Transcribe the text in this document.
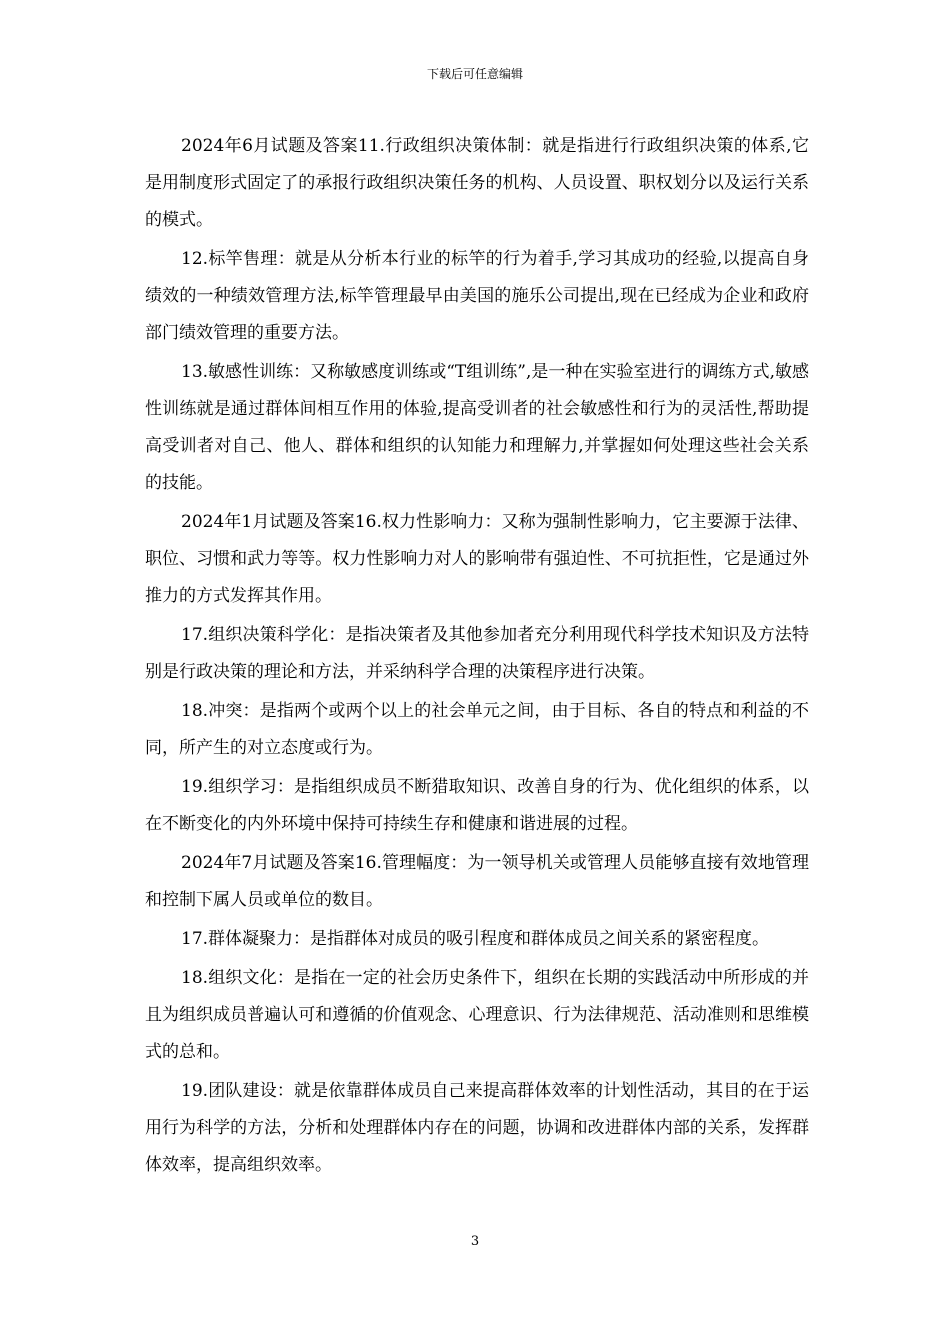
下载后可任意编辑

2024年6月试题及答案11.行政组织决策体制：就是指进行行政组织决策的体系,它是用制度形式固定了的承报行政组织决策任务的机构、人员设置、职权划分以及运行关系的模式。

12.标竿售理：就是从分析本行业的标竿的行为着手,学习其成功的经验,以提高自身绩效的一种绩效管理方法,标竿管理最早由美国的施乐公司提出,现在已经成为企业和政府部门绩效管理的重要方法。

13.敏感性训练：又称敏感度训练或“T组训练”,是一种在实验室进行的调练方式,敏感性训练就是通过群体间相互作用的体验,提高受训者的社会敏感性和行为的灵活性,帮助提高受训者对自己、他人、群体和组织的认知能力和理解力,并掌握如何处理这些社会关系的技能。

2024年1月试题及答案16.权力性影响力：又称为强制性影响力，它主要源于法律、职位、习惯和武力等等。权力性影响力对人的影响带有强迫性、不可抗拒性，它是通过外推力的方式发挥其作用。

17.组织决策科学化：是指决策者及其他参加者充分利用现代科学技术知识及方法特别是行政决策的理论和方法，并采纳科学合理的决策程序进行决策。

18.冲突：是指两个或两个以上的社会单元之间，由于目标、各自的特点和利益的不同，所产生的对立态度或行为。

19.组织学习：是指组织成员不断猎取知识、改善自身的行为、优化组织的体系，以在不断变化的内外环境中保持可持续生存和健康和谐进展的过程。

2024年7月试题及答案16.管理幅度：为一领导机关或管理人员能够直接有效地管理和控制下属人员或单位的数目。

17.群体凝聚力：是指群体对成员的吸引程度和群体成员之间关系的紧密程度。

18.组织文化：是指在一定的社会历史条件下，组织在长期的实践活动中所形成的并且为组织成员普遍认可和遵循的价值观念、心理意识、行为法律规范、活动准则和思维模式的总和。

19.团队建设：就是依靠群体成员自己来提高群体效率的计划性活动，其目的在于运用行为科学的方法，分析和处理群体内存在的问题，协调和改进群体内部的关系，发挥群体效率，提高组织效率。

3
